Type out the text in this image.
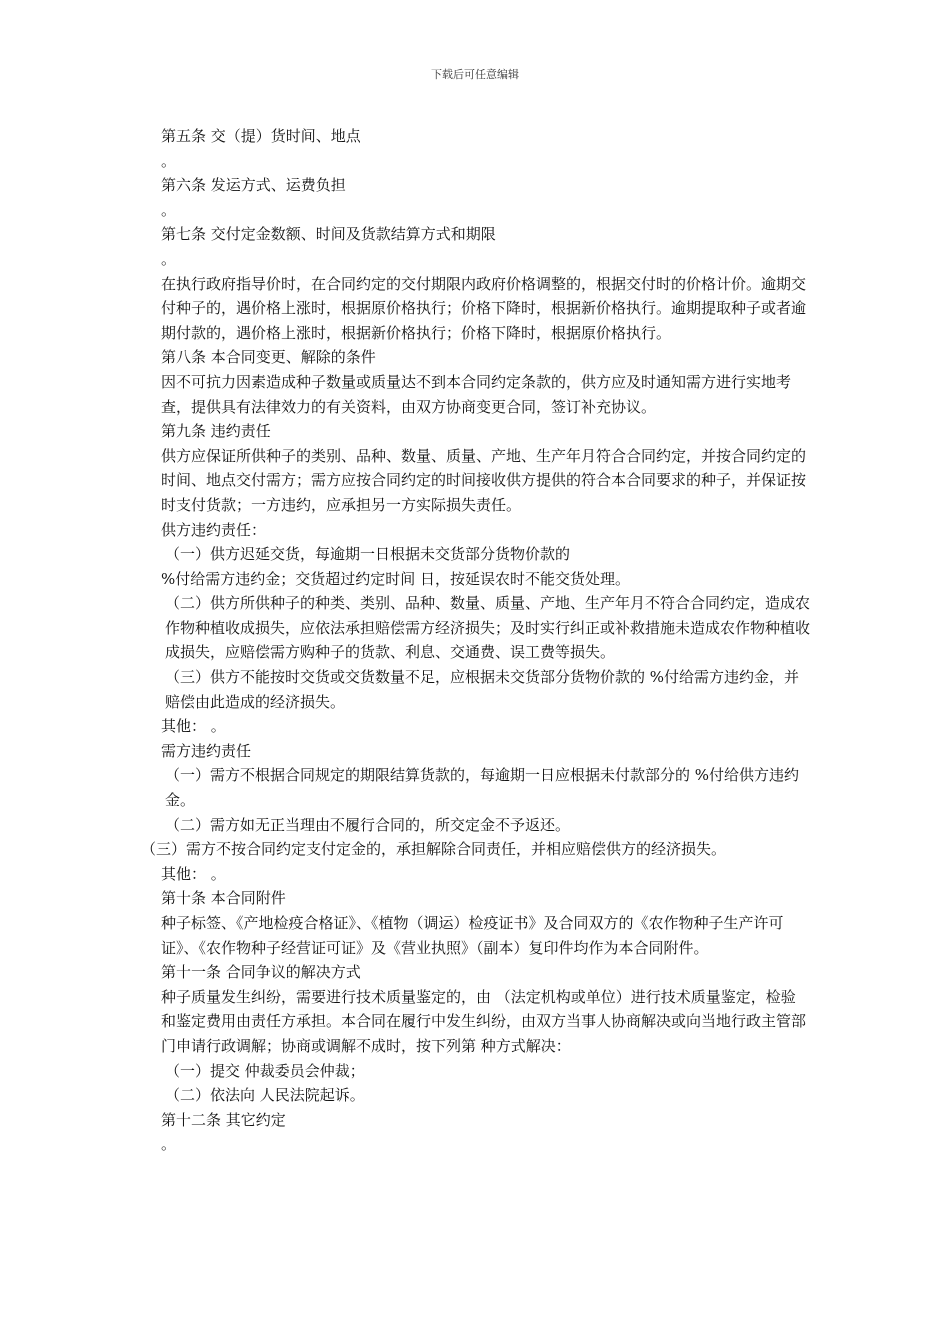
下载后可任意编辑

第五条 交（提）货时间、地点

。

第六条 发运方式、运费负担

。

第七条 交付定金数额、时间及货款结算方式和期限

。

在执行政府指导价时，在合同约定的交付期限内政府价格调整的，根据交付时的价格计价。逾期交付种子的，遇价格上涨时，根据原价格执行；价格下降时，根据新价格执行。逾期提取种子或者逾期付款的，遇价格上涨时，根据新价格执行；价格下降时，根据原价格执行。

第八条 本合同变更、解除的条件

因不可抗力因素造成种子数量或质量达不到本合同约定条款的，供方应及时通知需方进行实地考查，提供具有法律效力的有关资料，由双方协商变更合同，签订补充协议。

第九条 违约责任

供方应保证所供种子的类别、品种、数量、质量、产地、生产年月符合合同约定，并按合同约定的时间、地点交付需方；需方应按合同约定的时间接收供方提供的符合本合同要求的种子，并保证按时支付货款；一方违约，应承担另一方实际损失责任。

供方违约责任：

（一）供方迟延交货，每逾期一日根据未交货部分货物价款的

%付给需方违约金；交货超过约定时间 日，按延误农时不能交货处理。

（二）供方所供种子的种类、类别、品种、数量、质量、产地、生产年月不符合合同约定，造成农作物种植收成损失，应依法承担赔偿需方经济损失；及时实行纠正或补救措施未造成农作物种植收成损失，应赔偿需方购种子的货款、利息、交通费、误工费等损失。

（三）供方不能按时交货或交货数量不足，应根据未交货部分货物价款的 %付给需方违约金，并赔偿由此造成的经济损失。

其他： 。

需方违约责任

（一）需方不根据合同规定的期限结算货款的，每逾期一日应根据未付款部分的 %付给供方违约金。

（二）需方如无正当理由不履行合同的，所交定金不予返还。

（三）需方不按合同约定支付定金的，承担解除合同责任，并相应赔偿供方的经济损失。

其他： 。

第十条 本合同附件

种子标签、《产地检疫合格证》、《植物（调运）检疫证书》及合同双方的《农作物种子生产许可证》、《农作物种子经营证可证》及《营业执照》（副本）复印件均作为本合同附件。

第十一条 合同争议的解决方式

种子质量发生纠纷，需要进行技术质量鉴定的，由 （法定机构或单位）进行技术质量鉴定，检验和鉴定费用由责任方承担。本合同在履行中发生纠纷，由双方当事人协商解决或向当地行政主管部门申请行政调解；协商或调解不成时，按下列第 种方式解决：

（一）提交 仲裁委员会仲裁；

（二）依法向 人民法院起诉。

第十二条 其它约定

。
